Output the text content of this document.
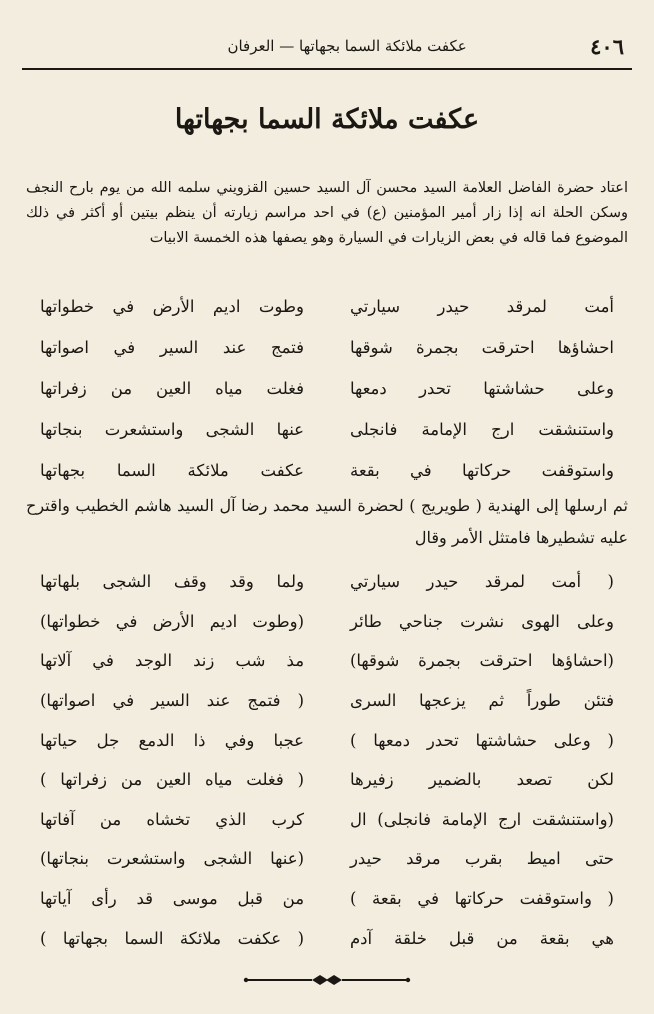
٤٠٦
عكفت ملائكة السما بجهاتها — العرفان
عكفت ملائكة السما بجهاتها
اعتاد حضرة الفاضل العلامة السيد محسن آل السيد حسين القزويني سلمه الله من يوم بارح النجف وسكن الحلة انه إذا زار أمير المؤمنين (ع) في احد مراسم زيارته أن ينظم بيتين أو أكثر في ذلك الموضوع فما قاله في بعض الزيارات في السيارة وهو يصفها هذه الخمسة الابيات
أمت لمرقد حيدر سيارتي
وطوت اديم الأرض في خطواتها
احشاؤها احترقت بجمرة شوقها
فتمج عند السير في اصواتها
وعلى حشاشتها تحدر دمعها
فغلت مياه العين من زفراتها
واستنشقت ارج الإمامة فانجلى
عنها الشجى واستشعرت بنجاتها
واستوقفت حركاتها في بقعة
عكفت ملائكة السما بجهاتها
ثم ارسلها إلى الهندية ( طويريج ) لحضرة السيد محمد رضا آل السيد هاشم الخطيب واقترح عليه تشطيرها فامتثل الأمر وقال
( أمت لمرقد حيدر سيارتي
ولما وقد وقف الشجى بلهاتها
وعلى الهوى نشرت جناحي طائر
(وطوت اديم الأرض في خطواتها)
(احشاؤها احترقت بجمرة شوقها)
مذ شب زند الوجد في آلاتها
فتئن طوراً ثم يزعجها السرى
( فتمج عند السير في اصواتها)
( وعلى حشاشتها تحدر دمعها )
عجبا وفي ذا الدمع جل حياتها
لكن تصعد بالضمير زفيرها
( فغلت مياه العين من زفراتها )
(واستنشقت ارج الإمامة فانجلى) ال
كرب الذي تخشاه من آفاتها
حتى اميط بقرب مرقد حيدر
(عنها الشجى واستشعرت بنجاتها)
( واستوقفت حركاتها في بقعة )
من قبل موسى قد رأى آياتها
هي بقعة من قبل خلقة آدم
( عكفت ملائكة السما بجهاتها )
